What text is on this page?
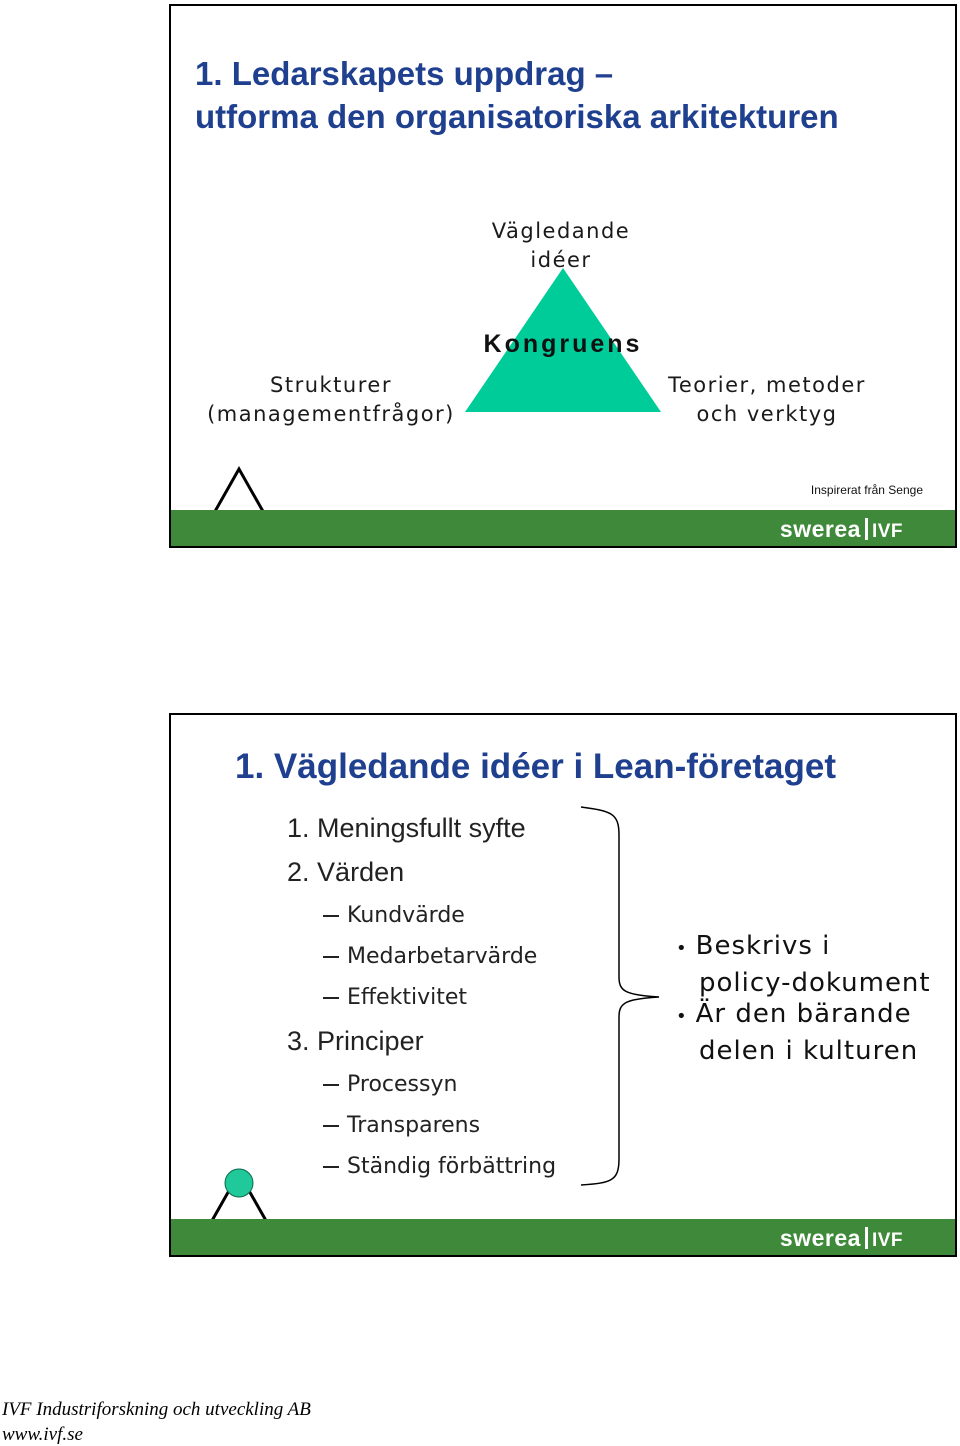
1. Ledarskapets uppdrag –
utforma den organisatoriska arkitekturen
Vägledande
idéer
Kongruens
Strukturer
(managementfrågor)
Teorier, metoder
och verktyg
Inspirerat från Senge
swerea IVF
1. Vägledande idéer i Lean-företaget
1. Meningsfullt syfte
2. Värden
Kundvärde
Medarbetarvärde
Effektivitet
3. Principer
Processyn
Transparens
Ständig förbättring
• Beskrivs i
policy-dokument
• Är den bärande
delen i kulturen
swerea IVF
IVF Industriforskning och utveckling AB
www.ivf.se
